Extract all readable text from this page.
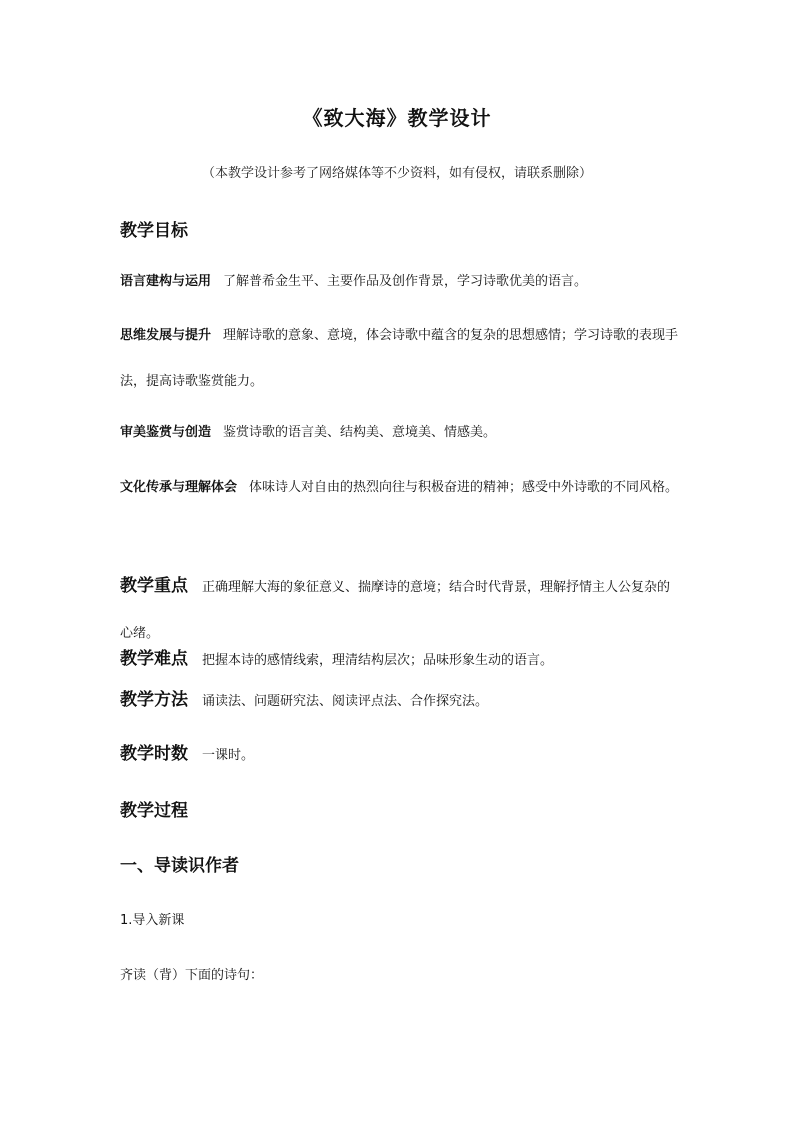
《致大海》教学设计
（本教学设计参考了网络媒体等不少资料，如有侵权，请联系删除）
教学目标
语言建构与运用 了解普希金生平、主要作品及创作背景，学习诗歌优美的语言。
思维发展与提升 理解诗歌的意象、意境，体会诗歌中蕴含的复杂的思想感情；学习诗歌的表现手法，提高诗歌鉴赏能力。
审美鉴赏与创造 鉴赏诗歌的语言美、结构美、意境美、情感美。
文化传承与理解体会 体味诗人对自由的热烈向往与积极奋进的精神；感受中外诗歌的不同风格。
教学重点 正确理解大海的象征意义、揣摩诗的意境；结合时代背景，理解抒情主人公复杂的心绪。
教学难点 把握本诗的感情线索，理清结构层次；品味形象生动的语言。
教学方法 诵读法、问题研究法、阅读评点法、合作探究法。
教学时数 一课时。
教学过程
一、导读识作者
1.导入新课
齐读（背）下面的诗句：
